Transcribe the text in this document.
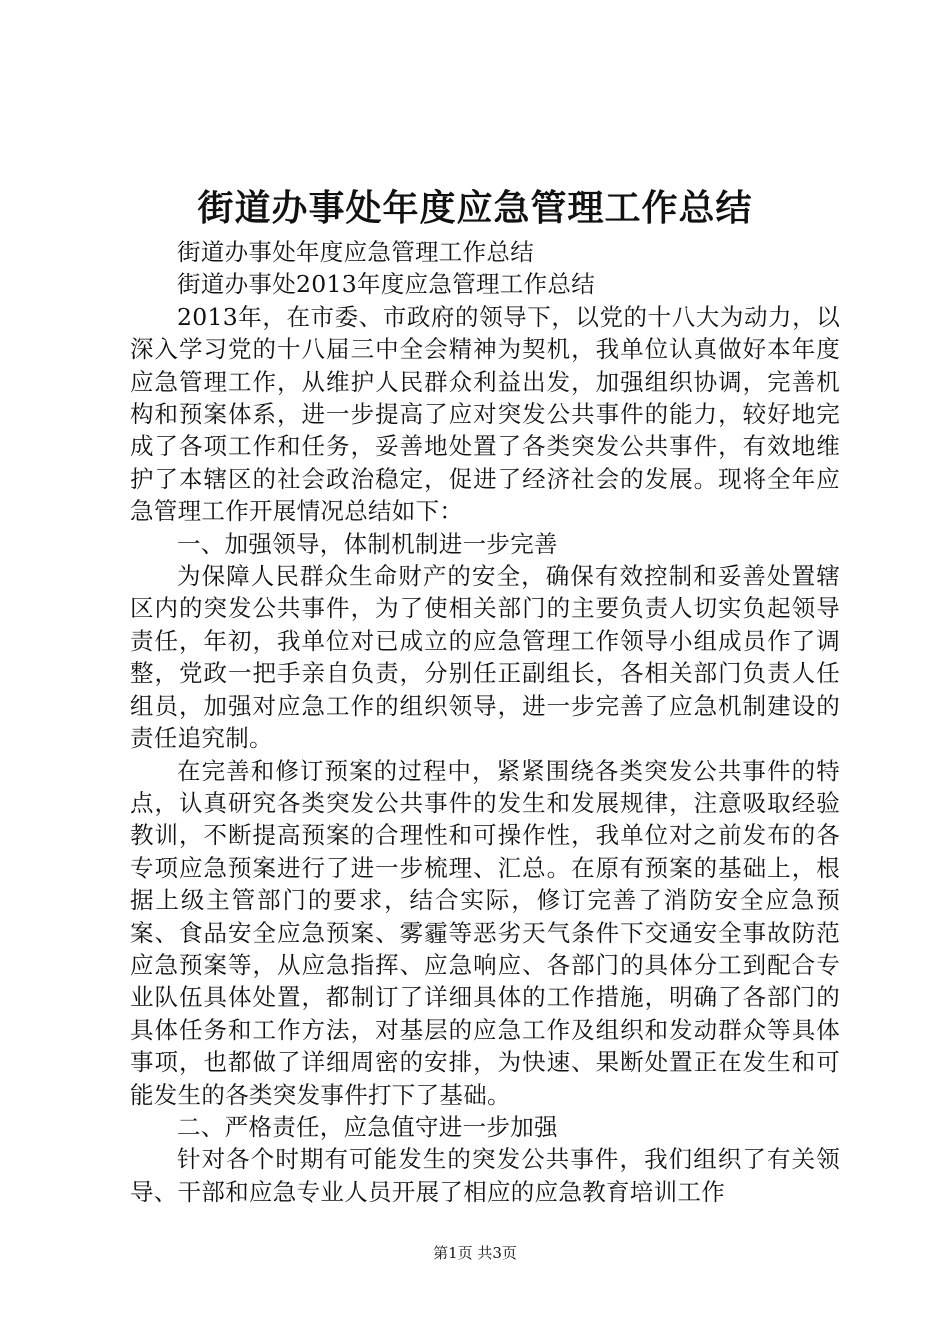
街道办事处年度应急管理工作总结

街道办事处年度应急管理工作总结

街道办事处2013年度应急管理工作总结

2013年，在市委、市政府的领导下，以党的十八大为动力，以深入学习党的十八届三中全会精神为契机，我单位认真做好本年度应急管理工作，从维护人民群众利益出发，加强组织协调，完善机构和预案体系，进一步提高了应对突发公共事件的能力，较好地完成了各项工作和任务，妥善地处置了各类突发公共事件，有效地维护了本辖区的社会政治稳定，促进了经济社会的发展。现将全年应急管理工作开展情况总结如下：

一、加强领导，体制机制进一步完善

为保障人民群众生命财产的安全，确保有效控制和妥善处置辖区内的突发公共事件，为了使相关部门的主要负责人切实负起领导责任，年初，我单位对已成立的应急管理工作领导小组成员作了调整，党政一把手亲自负责，分别任正副组长，各相关部门负责人任组员，加强对应急工作的组织领导，进一步完善了应急机制建设的责任追究制。

在完善和修订预案的过程中，紧紧围绕各类突发公共事件的特点，认真研究各类突发公共事件的发生和发展规律，注意吸取经验教训，不断提高预案的合理性和可操作性，我单位对之前发布的各专项应急预案进行了进一步梳理、汇总。在原有预案的基础上，根据上级主管部门的要求，结合实际，修订完善了消防安全应急预案、食品安全应急预案、雾霾等恶劣天气条件下交通安全事故防范应急预案等，从应急指挥、应急响应、各部门的具体分工到配合专业队伍具体处置，都制订了详细具体的工作措施，明确了各部门的具体任务和工作方法，对基层的应急工作及组织和发动群众等具体事项，也都做了详细周密的安排，为快速、果断处置正在发生和可能发生的各类突发事件打下了基础。

二、严格责任，应急值守进一步加强

针对各个时期有可能发生的突发公共事件，我们组织了有关领导、干部和应急专业人员开展了相应的应急教育培训工作

第1页 共3页
